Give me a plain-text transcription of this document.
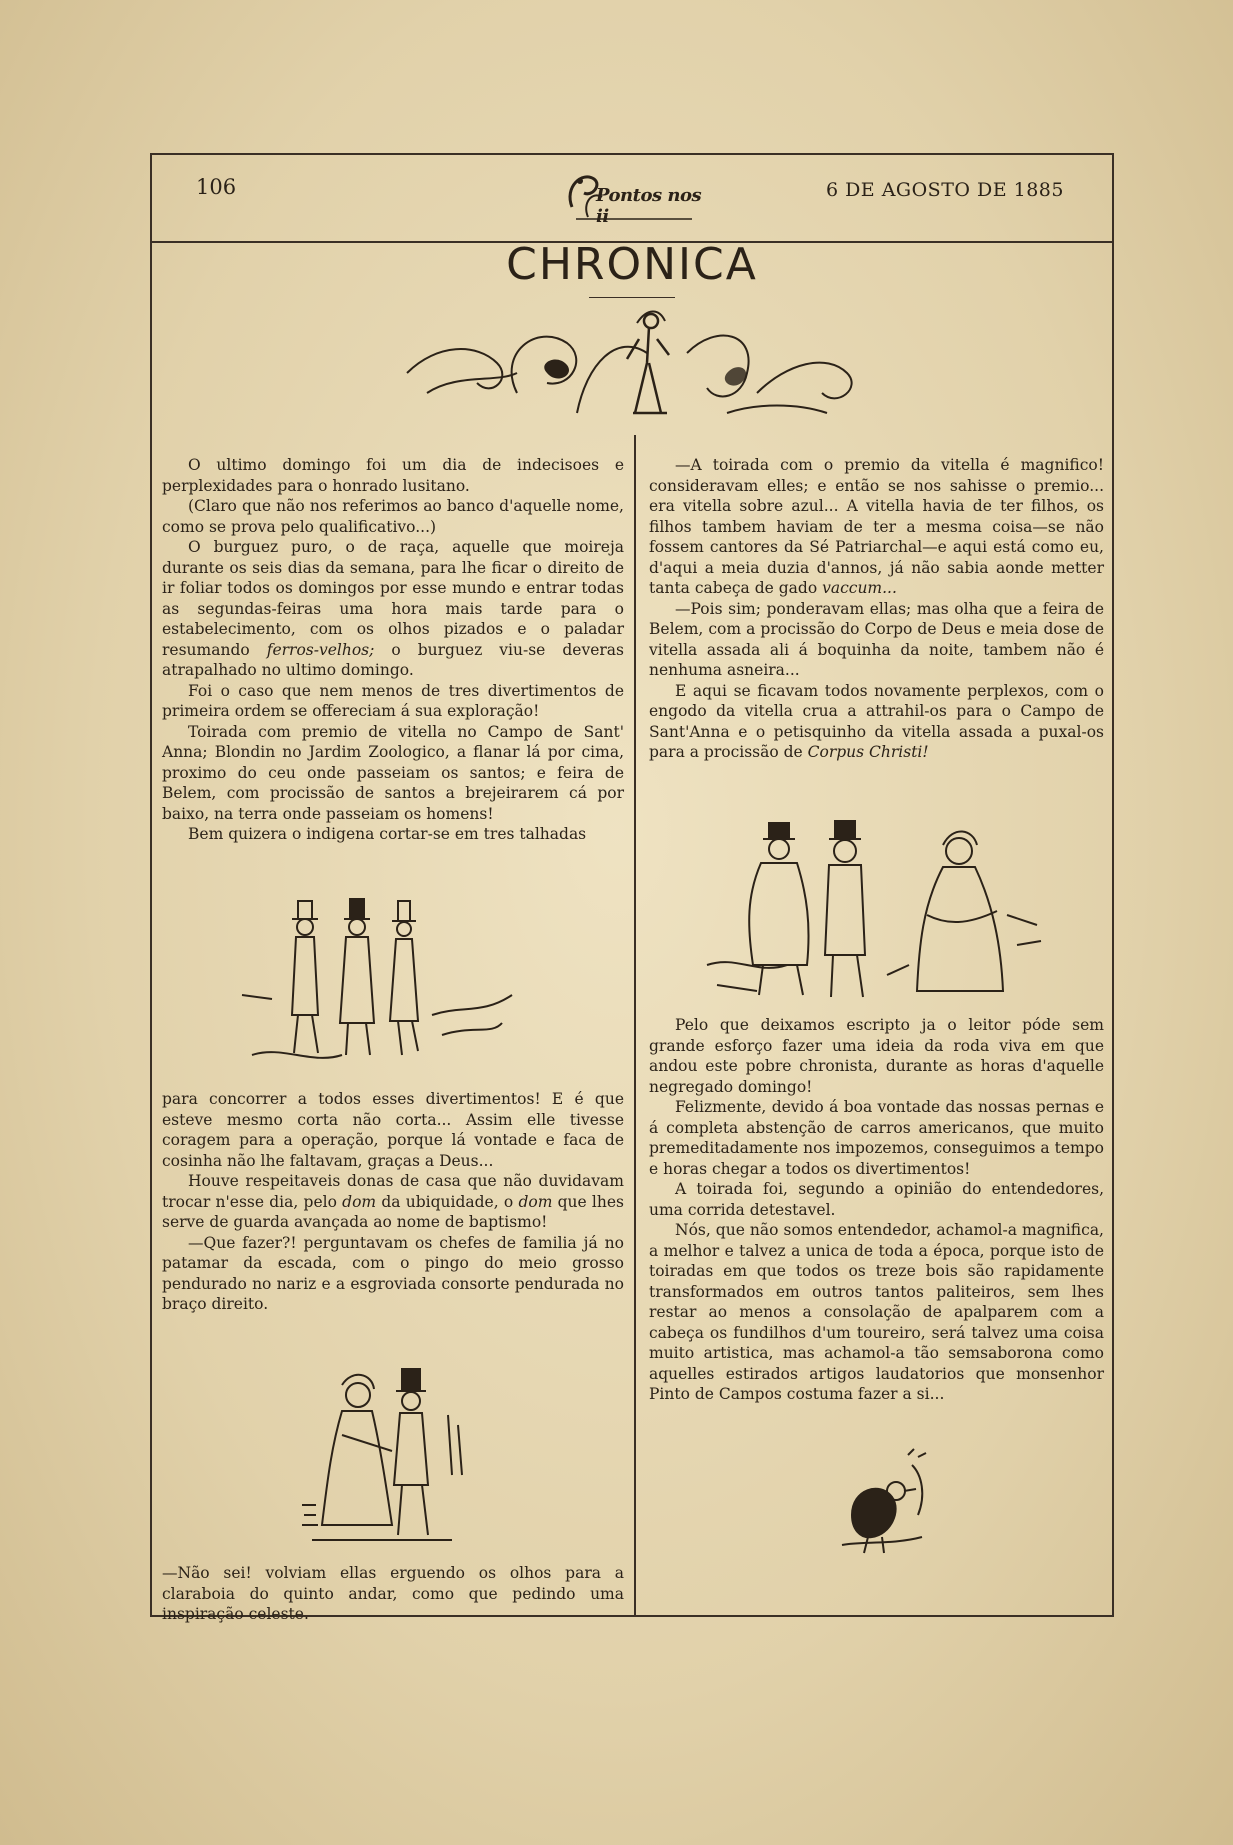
106	Pontos nos ii
6 DE AGOSTO DE 1885
CHRONICA

O ultimo domingo foi um dia de indecisoes e perplexidades para o honrado lusitano.

(Claro que não nos referimos ao banco d'aquelle nome, como se prova pelo qualificativo...)

O burguez puro, o de raça, aquelle que moireja durante os seis dias da semana, para lhe ficar o direito de ir foliar todos os domingos por esse mundo e entrar todas as segundas-feiras uma hora mais tarde para o estabelecimento, com os olhos pizados e o paladar resumando ferros-velhos; o burguez viu-se deveras atrapalhado no ultimo domingo.

Foi o caso que nem menos de tres divertimentos de primeira ordem se offereciam á sua exploração!

Toirada com premio de vitella no Campo de Sant' Anna; Blondin no Jardim Zoologico, a flanar lá por cima, proximo do ceu onde passeiam os santos; e feira de Belem, com procissão de santos a brejeirarem cá por baixo, na terra onde passeiam os homens!

Bem quizera o indigena cortar-se em tres talhadas

para concorrer a todos esses divertimentos! E é que esteve mesmo corta não corta... Assim elle tivesse coragem para a operação, porque lá vontade e faca de cosinha não lhe faltavam, graças a Deus...

Houve respeitaveis donas de casa que não duvidavam trocar n'esse dia, pelo dom da ubiquidade, o dom que lhes serve de guarda avançada ao nome de baptismo!

—Que fazer?! perguntavam os chefes de familia já no patamar da escada, com o pingo do meio grosso pendurado no nariz e a esgroviada consorte pendurada no braço direito.

—Não sei! volviam ellas erguendo os olhos para a claraboia do quinto andar, como que pedindo uma inspiração celeste.

—A toirada com o premio da vitella é magnifico! consideravam elles; e então se nos sahisse o premio... era vitella sobre azul... A vitella havia de ter filhos, os filhos tambem haviam de ter a mesma coisa—se não fossem cantores da Sé Patriarchal—e aqui está como eu, d'aqui a meia duzia d'annos, já não sabia aonde metter tanta cabeça de gado vaccum...

—Pois sim; ponderavam ellas; mas olha que a feira de Belem, com a procissão do Corpo de Deus e meia dose de vitella assada ali á boquinha da noite, tambem não é nenhuma asneira...

E aqui se ficavam todos novamente perplexos, com o engodo da vitella crua a attrahil-os para o Campo de Sant'Anna e o petisquinho da vitella assada a puxal-os para a procissão de Corpus Christi!

Pelo que deixamos escripto ja o leitor póde sem grande esforço fazer uma ideia da roda viva em que andou este pobre chronista, durante as horas d'aquelle negregado domingo!

Felizmente, devido á boa vontade das nossas pernas e á completa abstenção de carros americanos, que muito premeditadamente nos impozemos, conseguimos a tempo e horas chegar a todos os divertimentos!

A toirada foi, segundo a opinião do entendedores, uma corrida detestavel.

Nós, que não somos entendedor, achamol-a magnifica, a melhor e talvez a unica de toda a época, porque isto de toiradas em que todos os treze bois são rapidamente transformados em outros tantos paliteiros, sem lhes restar ao menos a consolação de apalparem com a cabeça os fundilhos d'um toureiro, será talvez uma coisa muito artistica, mas achamol-a tão semsaborona como aquelles estirados artigos laudatorios que monsenhor Pinto de Campos costuma fazer a si...
